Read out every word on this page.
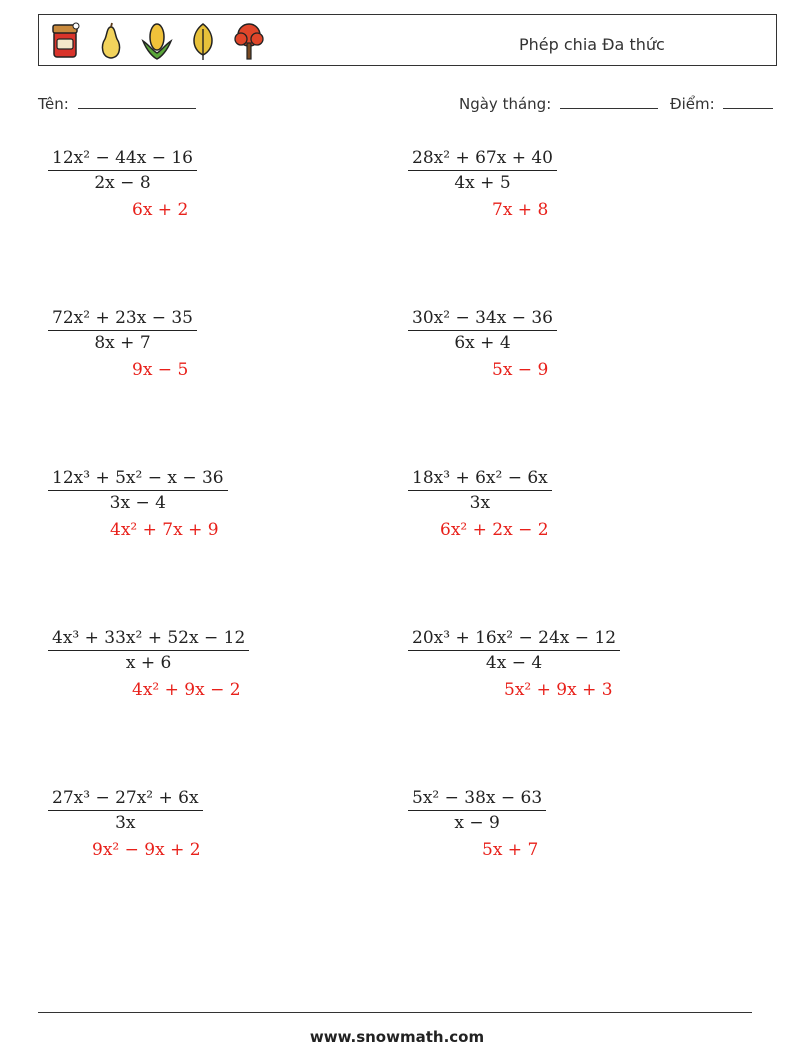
Phép chia Đa thức
Tên:	Ngày tháng:	Điểm:
$\frac{\text{12x² − 44x − 16}}{2x - 8}$
6x + 2
$\frac{\text{28x² + 67x + 40}}{4x + 5}$
7x + 8
$\frac{\text{72x² + 23x − 35}}{8x + 7}$
9x − 5
$\frac{\text{30x² − 34x − 36}}{6x + 4}$
5x − 9
$\frac{\text{12x³ + 5x² − x − 36}}{3x - 4}$
4x² + 7x + 9
$\frac{\text{18x³ + 6x² − 6x}}{3x}$
6x² + 2x − 2
$\frac{\text{4x³ + 33x² + 52x − 12}}{x + 6}$
4x² + 9x − 2
$\frac{\text{20x³ + 16x² − 24x − 12}}{4x - 4}$
5x² + 9x + 3
$\frac{\text{27x³ − 27x² + 6x}}{3x}$
9x² − 9x + 2
$\frac{\text{5x² − 38x − 63}}{x - 9}$
5x + 7
www.snowmath.com
